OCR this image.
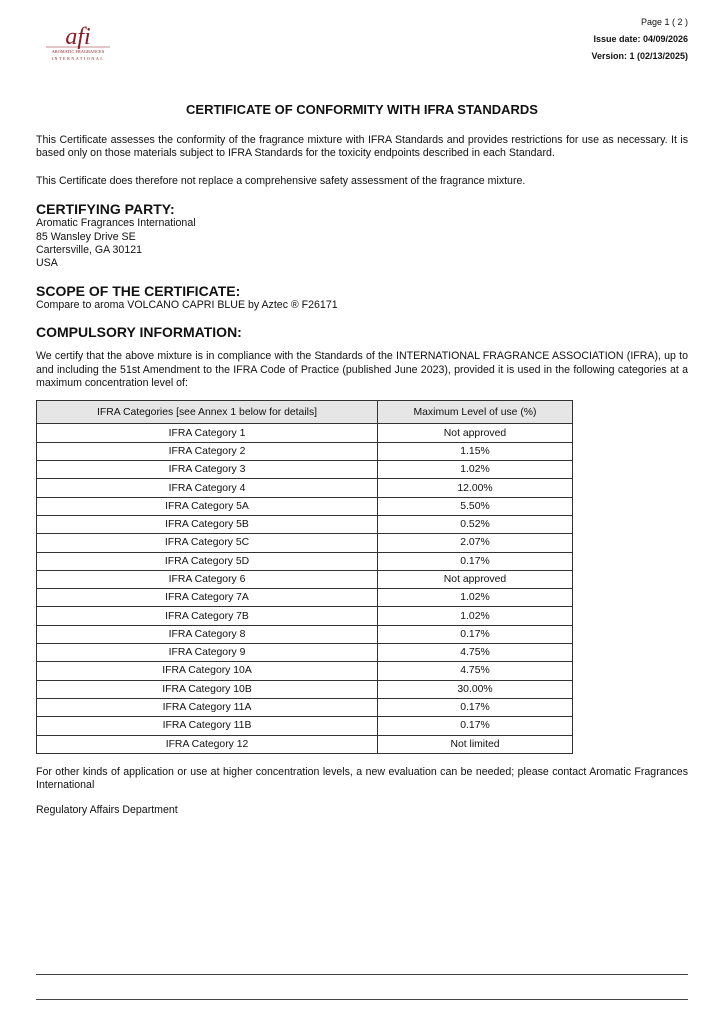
afi
AROMATIC FRAGRANCES
INTERNATIONAL
Page 1 ( 2 )
Issue date: 04/09/2026
Version: 1 (02/13/2025)
CERTIFICATE OF CONFORMITY WITH IFRA STANDARDS

This Certificate assesses the conformity of the fragrance mixture with IFRA Standards and provides restrictions for use as necessary. It is based only on those materials subject to IFRA Standards for the toxicity endpoints described in each Standard.

This Certificate does therefore not replace a comprehensive safety assessment of the fragrance mixture.

CERTIFYING PARTY:
Aromatic Fragrances International
85 Wansley Drive SE
Cartersville, GA 30121
USA
SCOPE OF THE CERTIFICATE:
Compare to aroma VOLCANO CAPRI BLUE by Aztec ® F26171
COMPULSORY INFORMATION:

We certify that the above mixture is in compliance with the Standards of the INTERNATIONAL FRAGRANCE ASSOCIATION (IFRA), up to and including the 51st Amendment to the IFRA Code of Practice (published June 2023), provided it is used in the following categories at a maximum concentration level of:

IFRA Categories [see Annex 1 below for details]	Maximum Level of use (%)
IFRA Category 1	Not approved
IFRA Category 2	1.15%
IFRA Category 3	1.02%
IFRA Category 4	12.00%
IFRA Category 5A	5.50%
IFRA Category 5B	0.52%
IFRA Category 5C	2.07%
IFRA Category 5D	0.17%
IFRA Category 6	Not approved
IFRA Category 7A	1.02%
IFRA Category 7B	1.02%
IFRA Category 8	0.17%
IFRA Category 9	4.75%
IFRA Category 10A	4.75%
IFRA Category 10B	30.00%
IFRA Category 11A	0.17%
IFRA Category 11B	0.17%
IFRA Category 12	Not limited

For other kinds of application or use at higher concentration levels, a new evaluation can be needed; please contact Aromatic Fragrances International

Regulatory Affairs Department
